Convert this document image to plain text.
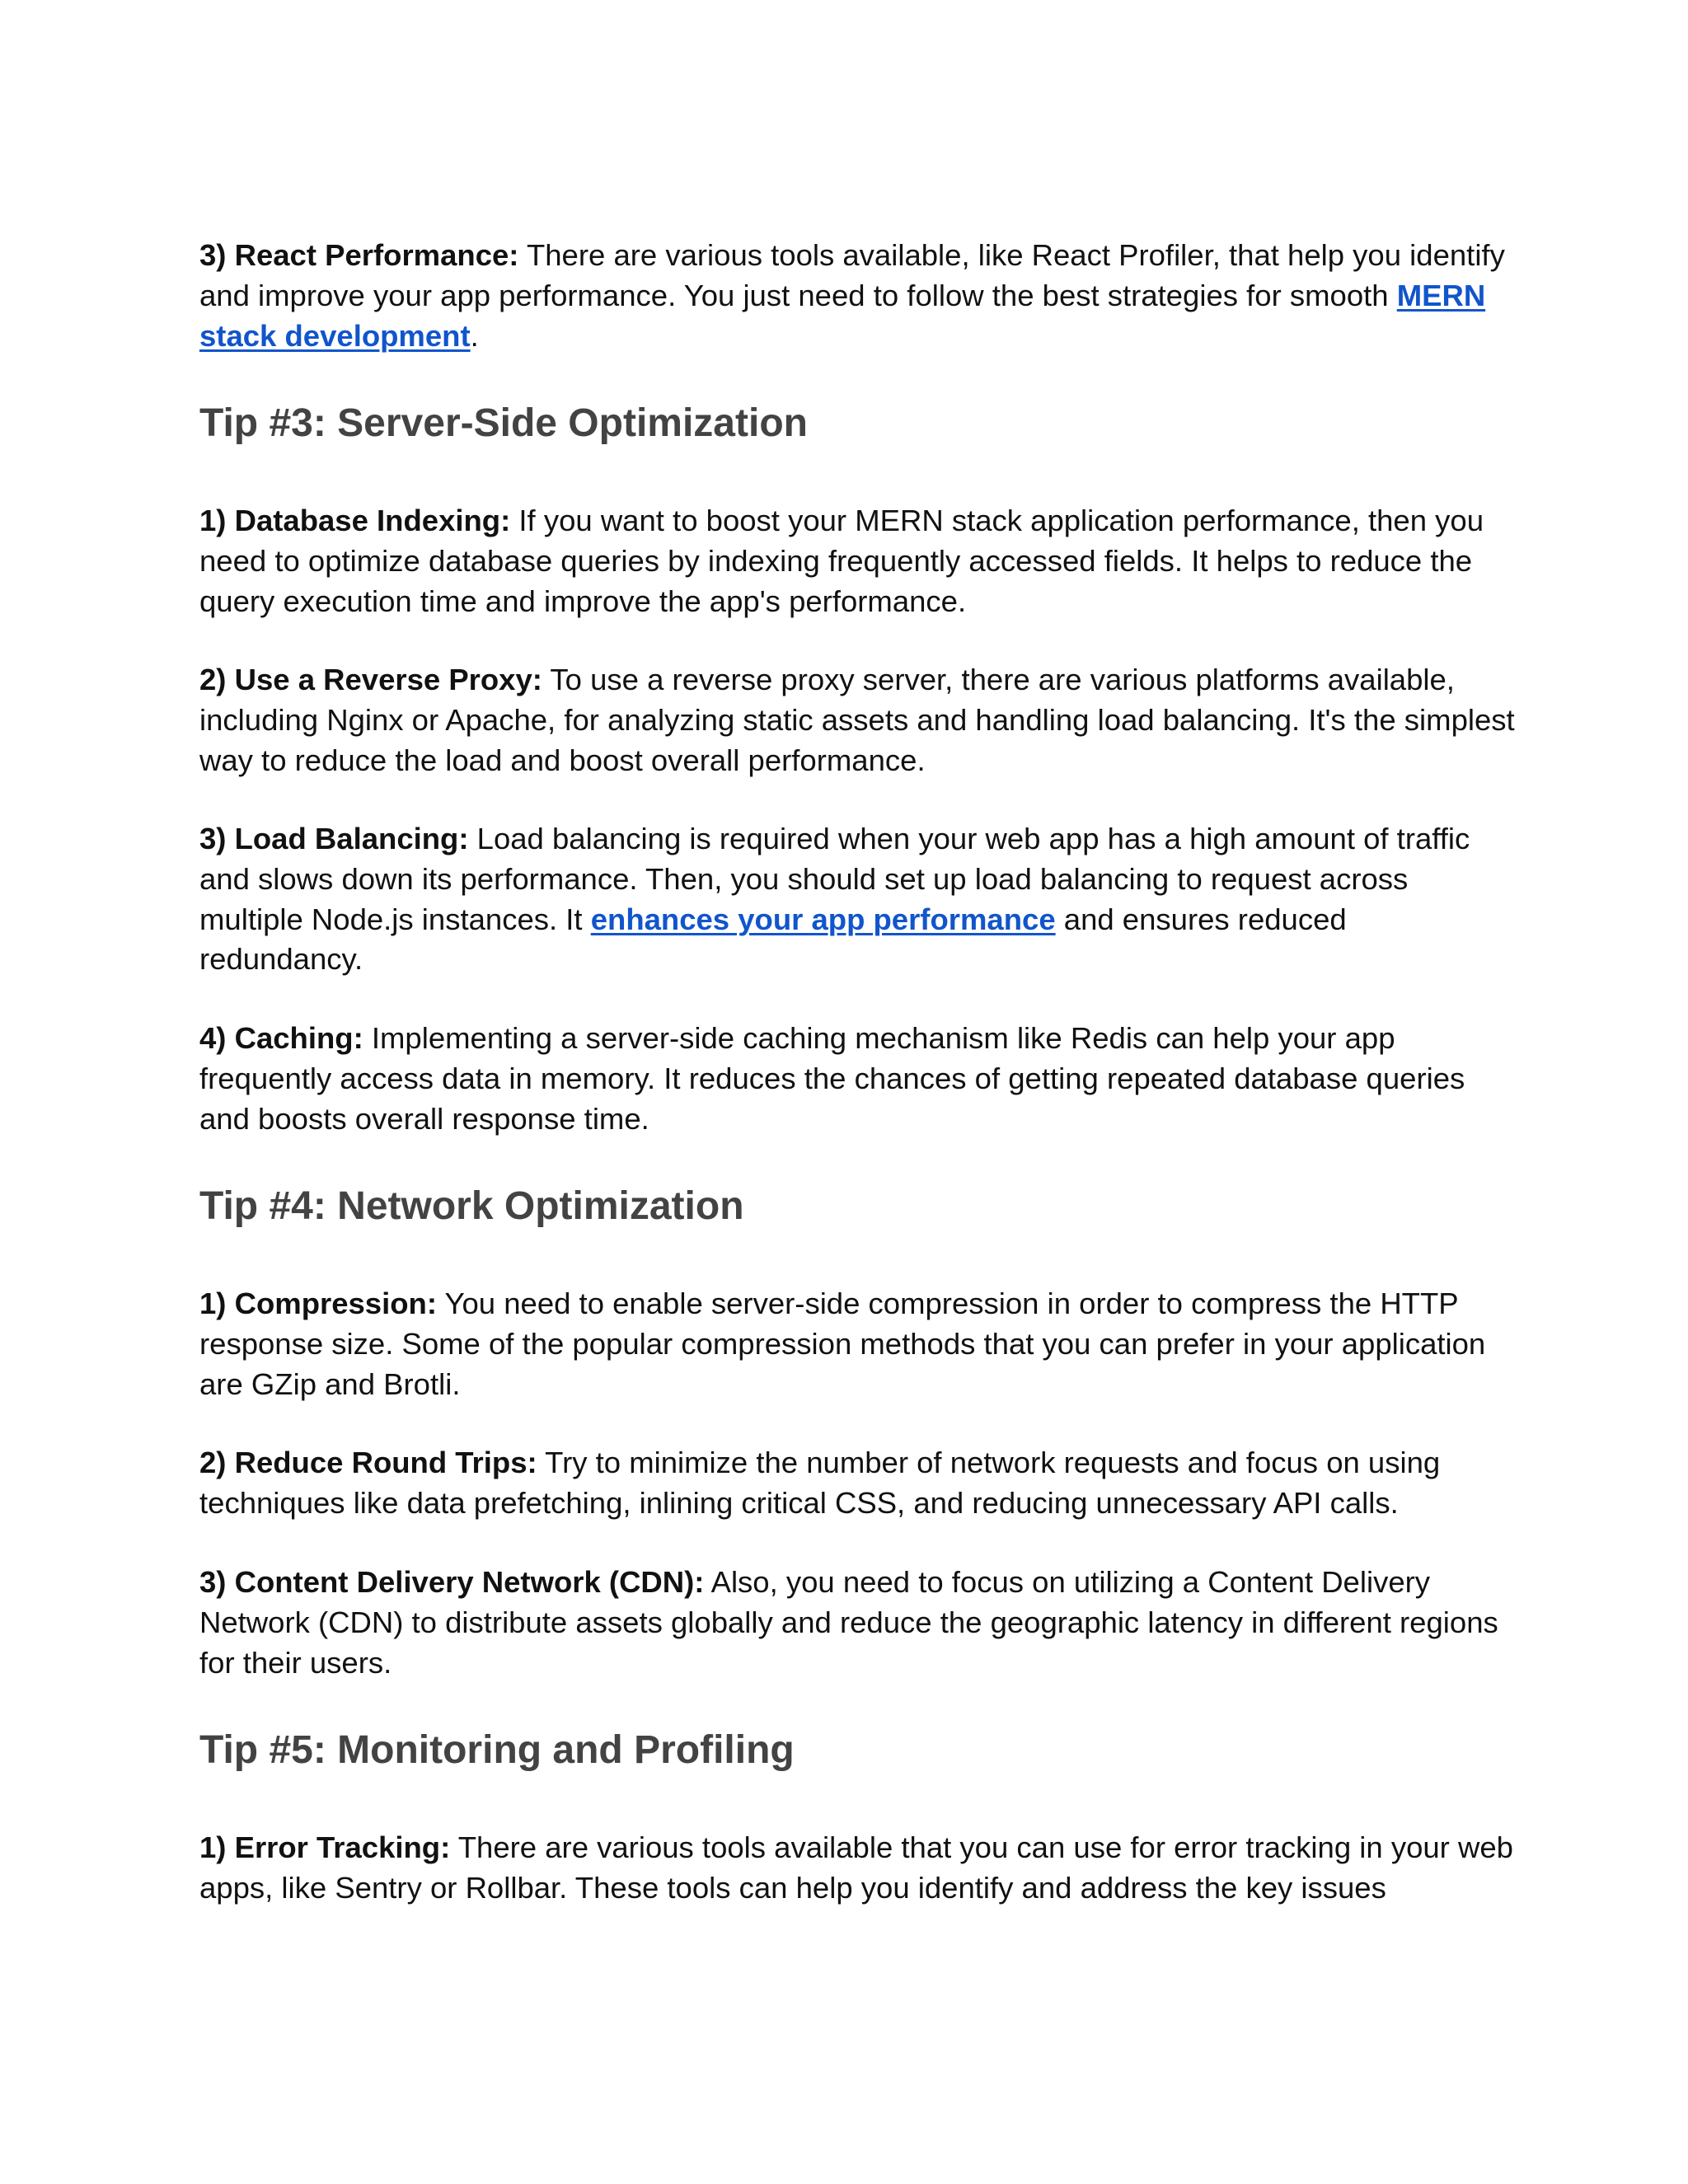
3) React Performance: There are various tools available, like React Profiler, that help you identify and improve your app performance. You just need to follow the best strategies for smooth MERN stack development.

Tip #3: Server-Side Optimization

1) Database Indexing: If you want to boost your MERN stack application performance, then you need to optimize database queries by indexing frequently accessed fields. It helps to reduce the query execution time and improve the app's performance.

2) Use a Reverse Proxy: To use a reverse proxy server, there are various platforms available, including Nginx or Apache, for analyzing static assets and handling load balancing. It's the simplest way to reduce the load and boost overall performance.

3) Load Balancing: Load balancing is required when your web app has a high amount of traffic and slows down its performance. Then, you should set up load balancing to request across multiple Node.js instances. It enhances your app performance and ensures reduced redundancy.

4) Caching: Implementing a server-side caching mechanism like Redis can help your app frequently access data in memory. It reduces the chances of getting repeated database queries and boosts overall response time.

Tip #4: Network Optimization

1) Compression: You need to enable server-side compression in order to compress the HTTP response size. Some of the popular compression methods that you can prefer in your application are GZip and Brotli.

2) Reduce Round Trips: Try to minimize the number of network requests and focus on using techniques like data prefetching, inlining critical CSS, and reducing unnecessary API calls.

3) Content Delivery Network (CDN): Also, you need to focus on utilizing a Content Delivery Network (CDN) to distribute assets globally and reduce the geographic latency in different regions for their users.

Tip #5: Monitoring and Profiling

1) Error Tracking: There are various tools available that you can use for error tracking in your web apps, like Sentry or Rollbar. These tools can help you identify and address the key issues
